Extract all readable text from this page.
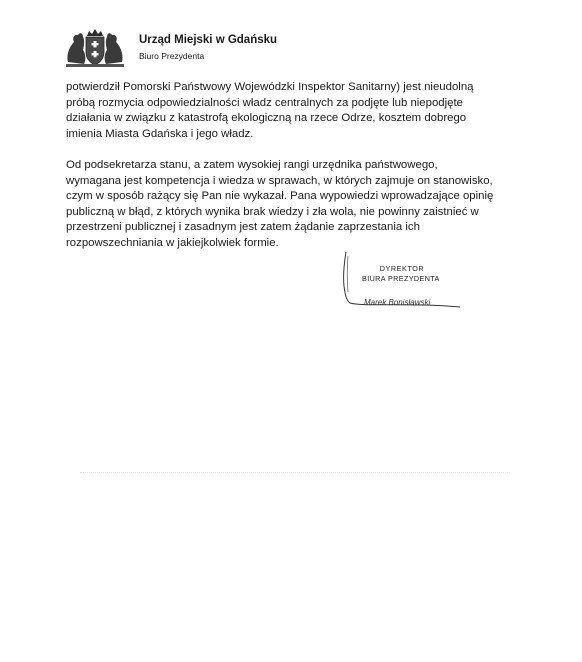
Urząd Miejski w Gdańsku
Biuro Prezydenta
potwierdził Pomorski Państwowy Wojewódzki Inspektor Sanitarny) jest nieudolną
próbą rozmycia odpowiedzialności władz centralnych za podjęte lub niepodjęte
działania w związku z katastrofą ekologiczną na rzece Odrze, kosztem dobrego
imienia Miasta Gdańska i jego władz.
Od podsekretarza stanu, a zatem wysokiej rangi urzędnika państwowego,
wymagana jest kompetencja i wiedza w sprawach, w których zajmuje on stanowisko,
czym w sposób rażący się Pan nie wykazał. Pana wypowiedzi wprowadzające opinię
publiczną w błąd, z których wynika brak wiedzy i zła wola, nie powinny zaistnieć w
przestrzeni publicznej i zasadnym jest zatem żądanie zaprzestania ich
rozpowszechniania w jakiejkolwiek formie.
DYREKTOR
BIURA PREZYDENTA
Marek Bonisławski
